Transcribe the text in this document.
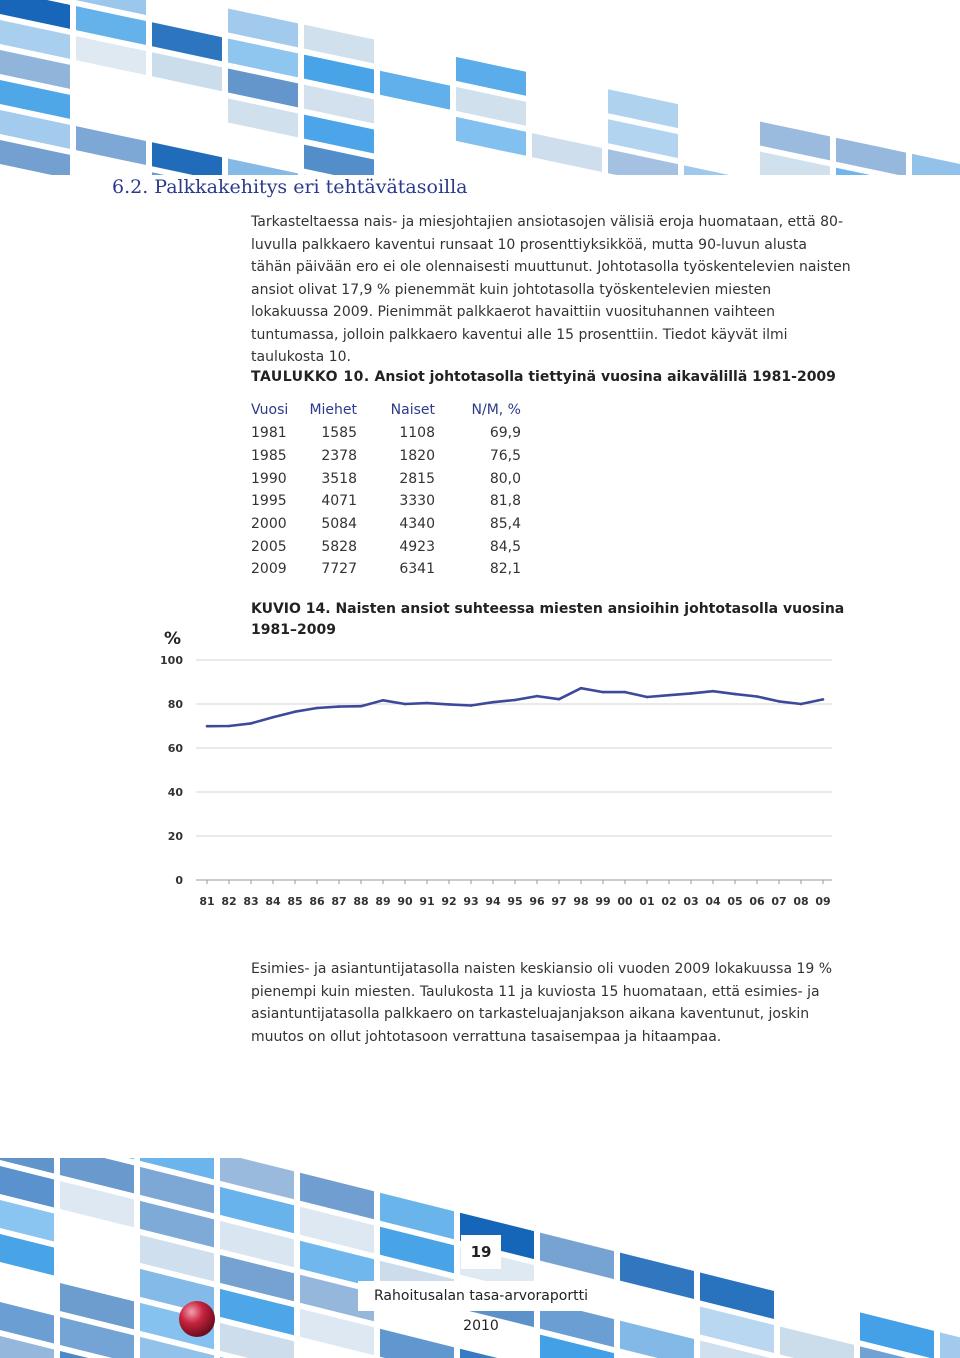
6.2. Palkkakehitys eri tehtävätasoilla

Tarkasteltaessa nais- ja miesjohtajien ansiotasojen välisiä eroja huomataan, että 80-luvulla palkkaero kaventui runsaat 10 prosenttiyksikköä, mutta 90-luvun alusta tähän päivään ero ei ole olennaisesti muuttunut. Johtotasolla työskentelevien naisten ansiot olivat 17,9 % pienemmät kuin johtotasolla työskentelevien miesten lokakuussa 2009. Pienimmät palkkaerot havaittiin vuosituhannen vaihteen tuntumassa, jolloin palkkaero kaventui alle 15 prosenttiin. Tiedot käyvät ilmi taulukosta 10.

TAULUKKO 10. Ansiot johtotasolla tiettyinä vuosina aikavälillä 1981-2009

Vuosi	Miehet	Naiset	N/M, %
1981	1585	1108	69,9
1985	2378	1820	76,5
1990	3518	2815	80,0
1995	4071	3330	81,8
2000	5084	4340	85,4
2005	5828	4923	84,5
2009	7727	6341	82,1

KUVIO 14. Naisten ansiot suhteessa miesten ansioihin johtotasolla vuosina 1981–2009

%
0
20
40
60
80
100
81 82 83 84 85 86 87 88 89 90 91 92 93 94 95 96 97 98 99 00 01 02 03 04 05 06 07 08 09

Esimies- ja asiantuntijatasolla naisten keskiansio oli vuoden 2009 lokakuussa 19 % pienempi kuin miesten. Taulukosta 11 ja kuviosta 15 huomataan, että esimies- ja asiantuntijatasolla palkkaero on tarkasteluajanjakson aikana kaventunut, joskin muutos on ollut johtotasoon verrattuna tasaisempaa ja hitaampaa.

19
Rahoitusalan tasa-arvoraportti 2010
